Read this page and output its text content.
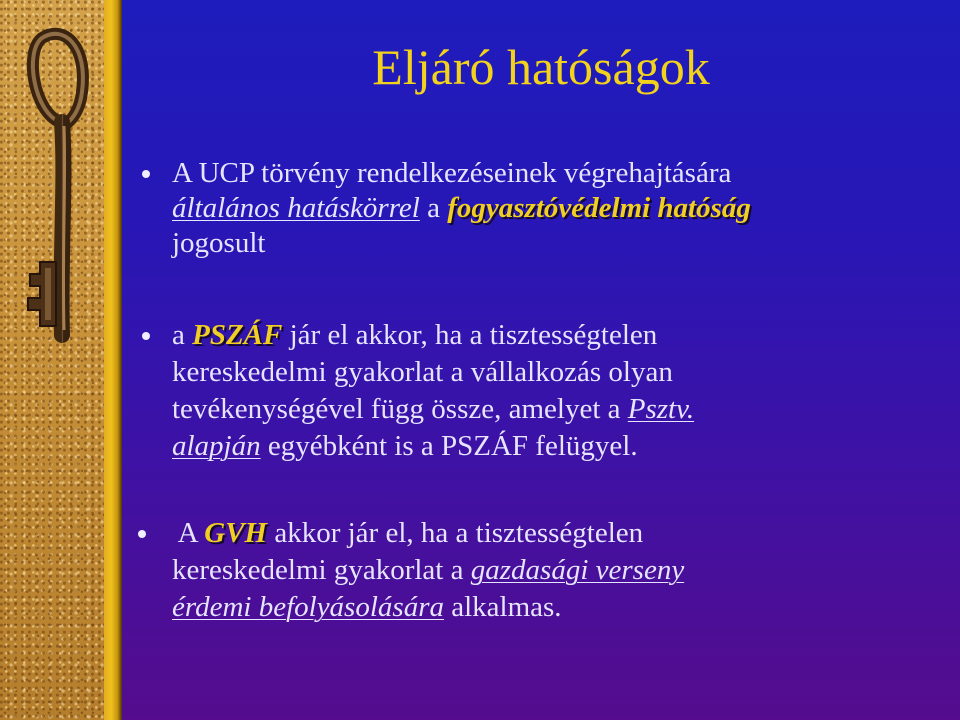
Eljáró hatóságok
A UCP törvény rendelkezéseinek végrehajtására
általános hatáskörrel a fogyasztóvédelmi hatóság
jogosult
a PSZÁF jár el akkor, ha a tisztességtelen
kereskedelmi gyakorlat a vállalkozás olyan
tevékenységével függ össze, amelyet a Psztv.
alapján egyébként is a PSZÁF felügyel.
A GVH akkor jár el, ha a tisztességtelen
kereskedelmi gyakorlat a gazdasági verseny
érdemi befolyásolására alkalmas.
